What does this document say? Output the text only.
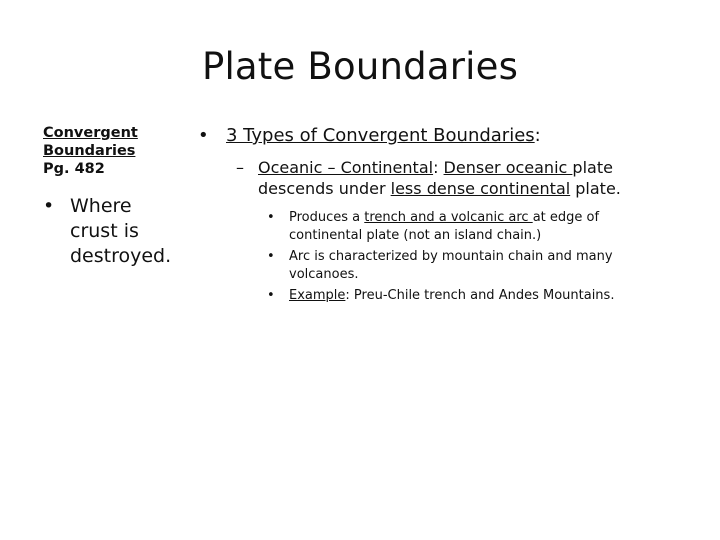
Plate Boundaries
Convergent
Boundaries
Pg. 482
• Where
crust is
destroyed.
• 3 Types of Convergent Boundaries:
– Oceanic – Continental: Denser oceanic plate
descends under less dense continental plate.
• Produces a trench and a volcanic arc at edge of
continental plate (not an island chain.)
• Arc is characterized by mountain chain and many
volcanoes.
• Example: Preu-Chile trench and Andes Mountains.
